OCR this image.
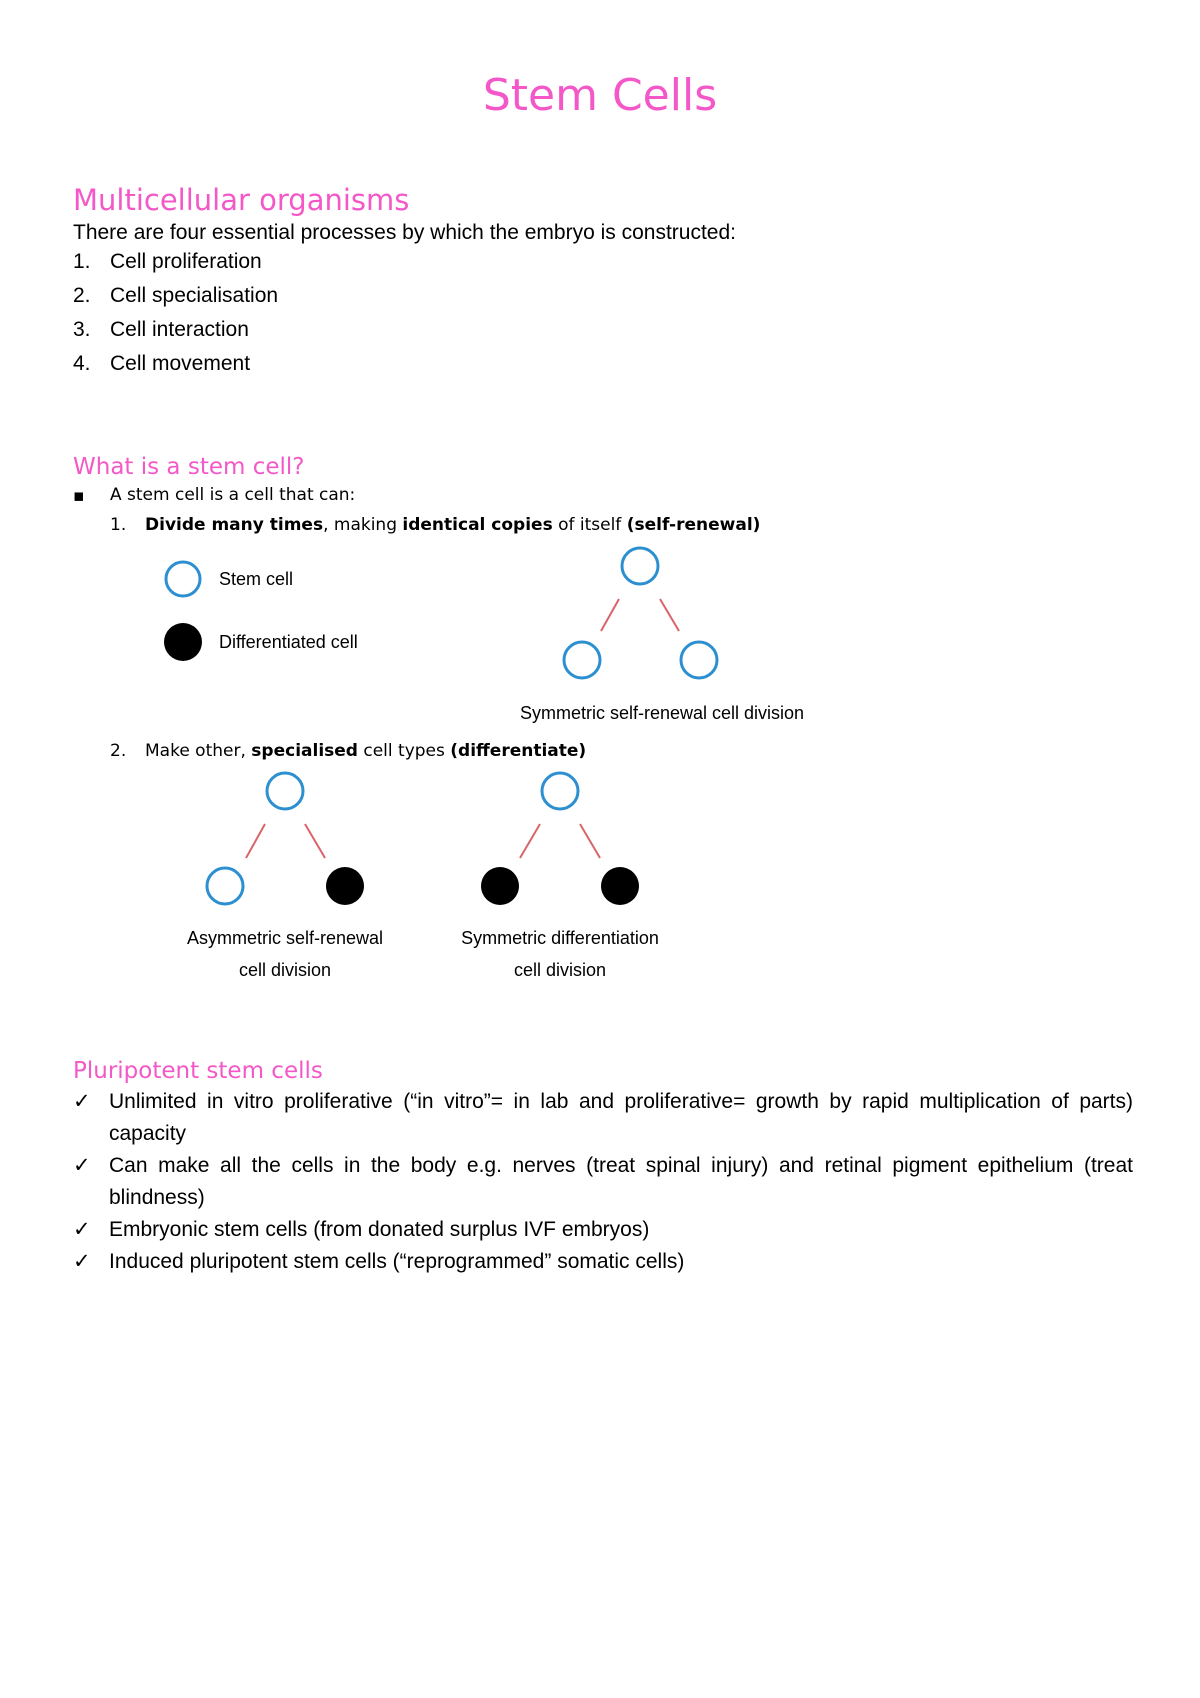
Stem Cells
Multicellular organisms
There are four essential processes by which the embryo is constructed:
1. Cell proliferation
2. Cell specialisation
3. Cell interaction
4. Cell movement
What is a stem cell?
▪ A stem cell is a cell that can:
1. Divide many times, making identical copies of itself (self-renewal)
Stem cell
Differentiated cell
Symmetric self-renewal cell division
2. Make other, specialised cell types (differentiate)
Asymmetric self-renewal
cell division
Symmetric differentiation
cell division
Pluripotent stem cells
✓ Unlimited in vitro proliferative (“in vitro”= in lab and proliferative= growth by rapid multiplication of parts) capacity
✓ Can make all the cells in the body e.g. nerves (treat spinal injury) and retinal pigment epithelium (treat blindness)
✓ Embryonic stem cells (from donated surplus IVF embryos)
✓ Induced pluripotent stem cells (“reprogrammed” somatic cells)
